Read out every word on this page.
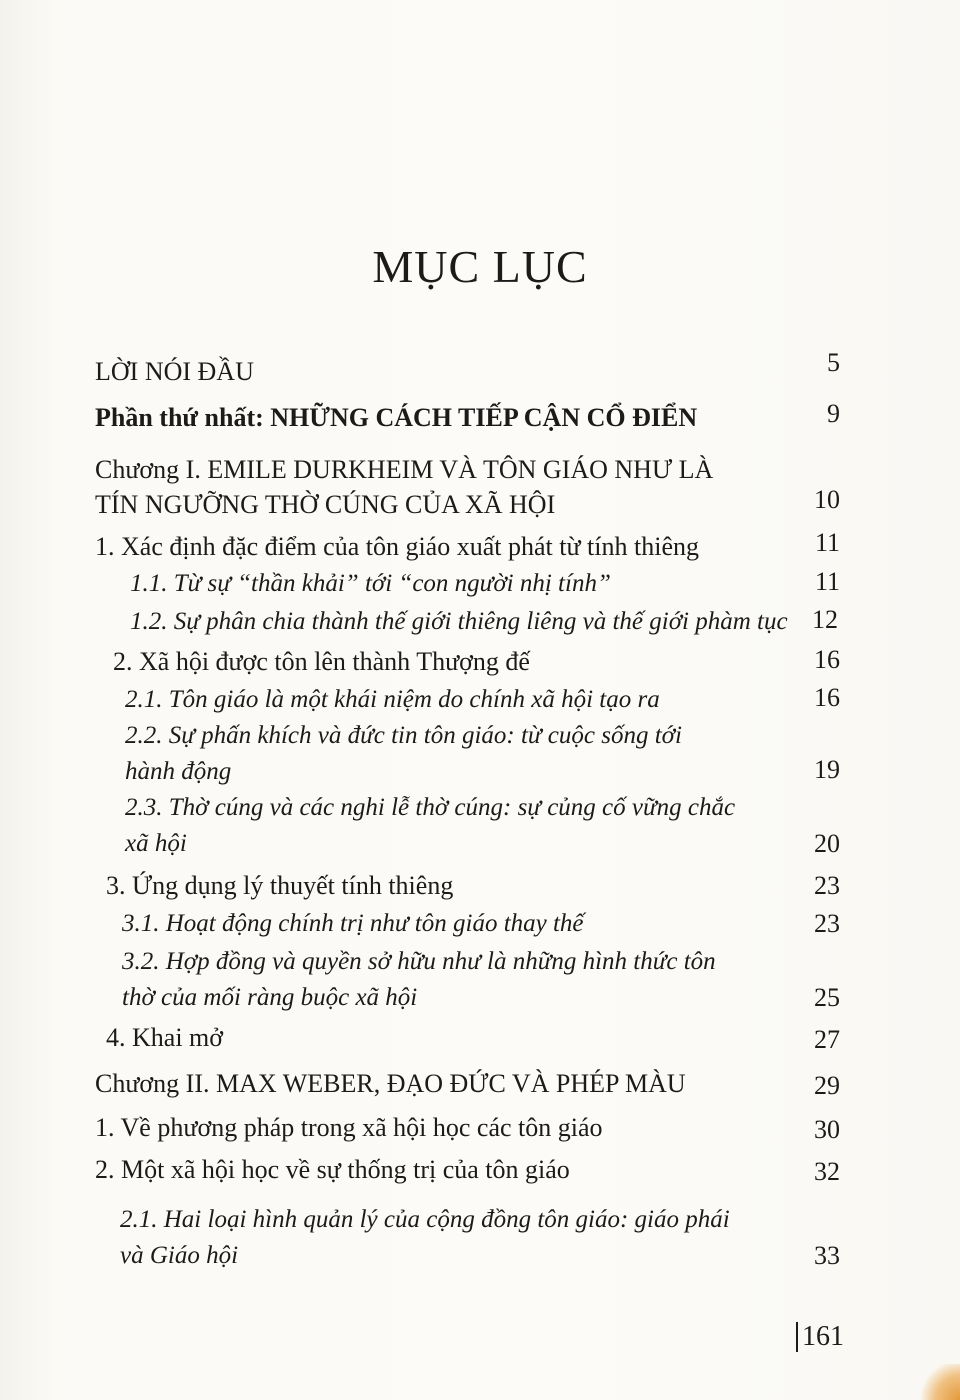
MỤC LỤC
LỜI NÓI ĐẦU	5
Phần thứ nhất: NHỮNG CÁCH TIẾP CẬN CỔ ĐIỂN	9
Chương I. EMILE DURKHEIM VÀ TÔN GIÁO NHƯ LÀ
TÍN NGƯỠNG THỜ CÚNG CỦA XÃ HỘI	10
1. Xác định đặc điểm của tôn giáo xuất phát từ tính thiêng	11
1.1. Từ sự “thần khải” tới “con người nhị tính”	11
1.2. Sự phân chia thành thế giới thiêng liêng và thế giới phàm tục 12
2. Xã hội được tôn lên thành Thượng đế	16
2.1. Tôn giáo là một khái niệm do chính xã hội tạo ra	16
2.2. Sự phấn khích và đức tin tôn giáo: từ cuộc sống tới
hành động	19
2.3. Thờ cúng và các nghi lễ thờ cúng: sự củng cố vững chắc
xã hội	20
3. Ứng dụng lý thuyết tính thiêng	23
3.1. Hoạt động chính trị như tôn giáo thay thế	23
3.2. Hợp đồng và quyền sở hữu như là những hình thức tôn
thờ của mối ràng buộc xã hội	25
4. Khai mở	27
Chương II. MAX WEBER, ĐẠO ĐỨC VÀ PHÉP MÀU	29
1. Về phương pháp trong xã hội học các tôn giáo	30
2. Một xã hội học về sự thống trị của tôn giáo	32
2.1. Hai loại hình quản lý của cộng đồng tôn giáo: giáo phái
và Giáo hội	33
161
